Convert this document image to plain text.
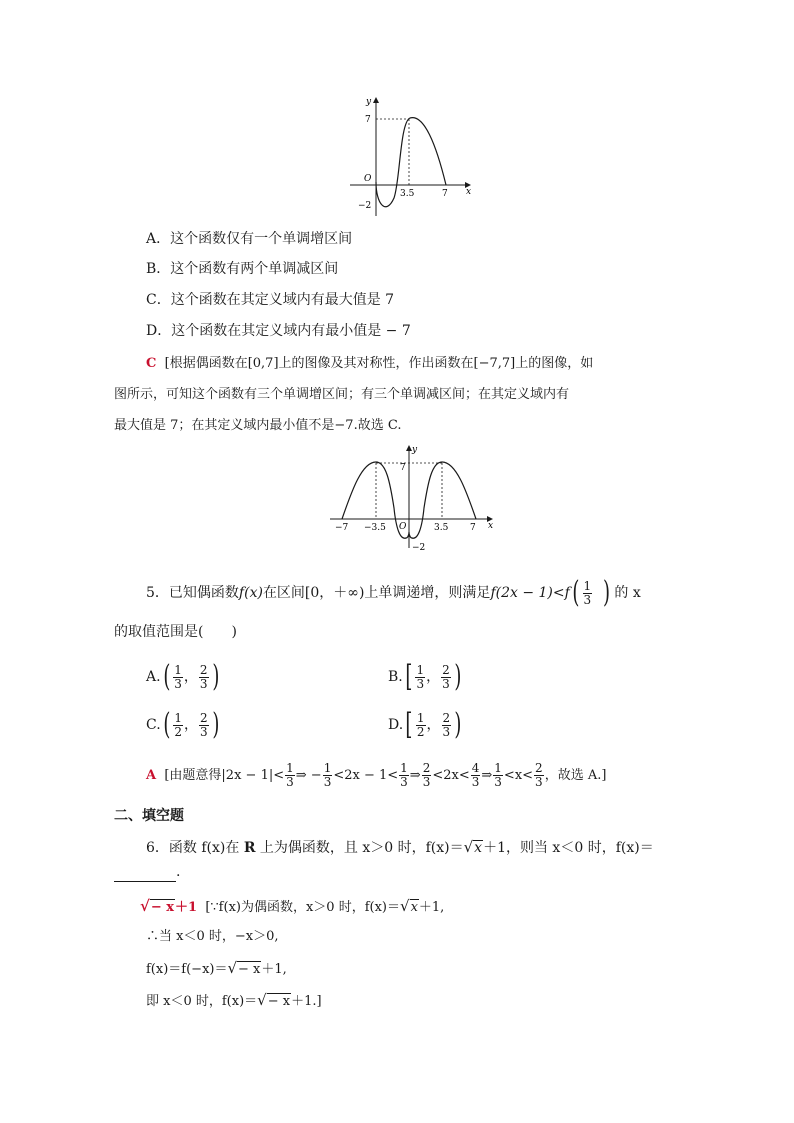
y
x
O
7
−2
3.5	7
A．这个函数仅有一个单调增区间
B．这个函数有两个单调减区间
C．这个函数在其定义域内有最大值是 7
D．这个函数在其定义域内有最小值是 − 7
C [根据偶函数在[0,7]上的图像及其对称性，作出函数在[−7,7]上的图像，如
图所示，可知这个函数有三个单调增区间；有三个单调减区间；在其定义域内有
最大值是 7；在其定义域内最小值不是−7.故选 C.
y
x
O
7
−2
−7 −3.5	3.5 7
5．已知偶函数f(x)在区间[0，＋∞)上单调递增，则满足$f(2x - 1)<f( \frac{1}{3}$ ) 的 x
的取值范围是(　　)
$A.( \frac{1}{3}$ ， $\frac{2}{3}$ )	$B.[ \frac{1}{3}$ ， $\frac{2}{3}$ )
$C.( \frac{1}{2}$ ， $\frac{2}{3}$ )	$D.[ \frac{1}{2}$ ， $\frac{2}{3}$ )
A [由题意得$|2x - 1|< \frac{1}{3}$ ⇒ − $\frac{1}{3} <2x - 1< \frac{1}{3}$ ⇒ $\frac{2}{3} <2x< \frac{4}{3}$ ⇒ $\frac{1}{3} <x< \frac{2}{3}$ ，故选 A.]
二、填空题
6．函数 f(x)在 R 上为偶函数，且 x＞0 时，f(x)＝√x＋1，则当 x＜0 时，f(x)＝
.
√− x＋1 [∵f(x)为偶函数，x＞0 时，f(x)＝√x＋1,
∴当 x＜0 时，−x＞0,
f(x)＝f(−x)＝√− x＋1,
即 x＜0 时，f(x)＝√− x＋1.]
